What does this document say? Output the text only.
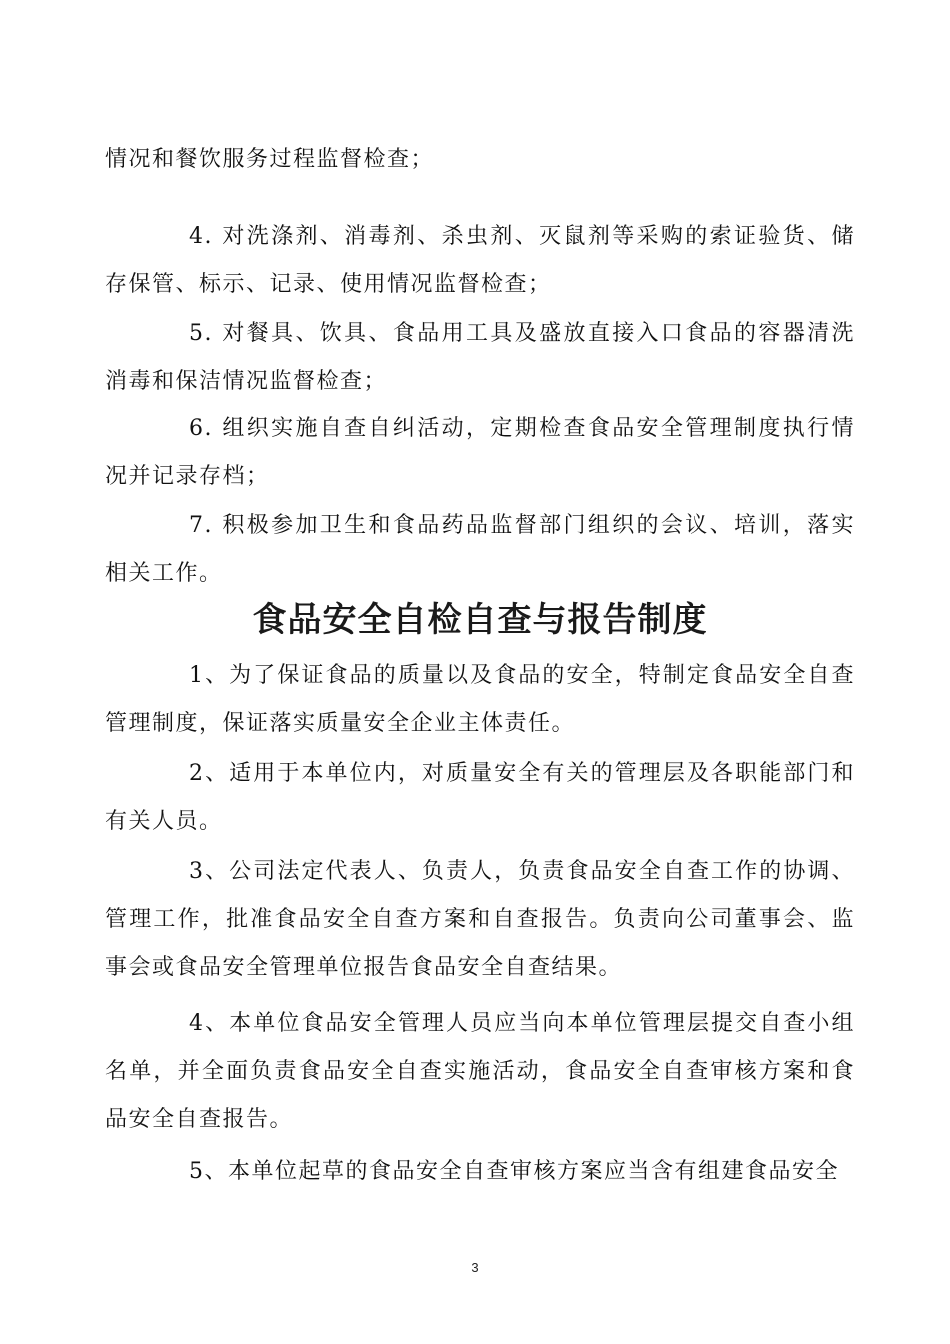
情况和餐饮服务过程监督检查；

4. 对洗涤剂、消毒剂、杀虫剂、灭鼠剂等采购的索证验货、储存保管、标示、记录、使用情况监督检查；

5. 对餐具、饮具、食品用工具及盛放直接入口食品的容器清洗消毒和保洁情况监督检查；

6. 组织实施自查自纠活动，定期检查食品安全管理制度执行情况并记录存档；

7. 积极参加卫生和食品药品监督部门组织的会议、培训，落实相关工作。

食品安全自检自查与报告制度

1、为了保证食品的质量以及食品的安全，特制定食品安全自查管理制度，保证落实质量安全企业主体责任。

2、适用于本单位内，对质量安全有关的管理层及各职能部门和有关人员。

3、公司法定代表人、负责人，负责食品安全自查工作的协调、管理工作，批准食品安全自查方案和自查报告。负责向公司董事会、监事会或食品安全管理单位报告食品安全自查结果。

4、本单位食品安全管理人员应当向本单位管理层提交自查小组名单，并全面负责食品安全自查实施活动，食品安全自查审核方案和食品安全自查报告。

5、本单位起草的食品安全自查审核方案应当含有组建食品安全

3
